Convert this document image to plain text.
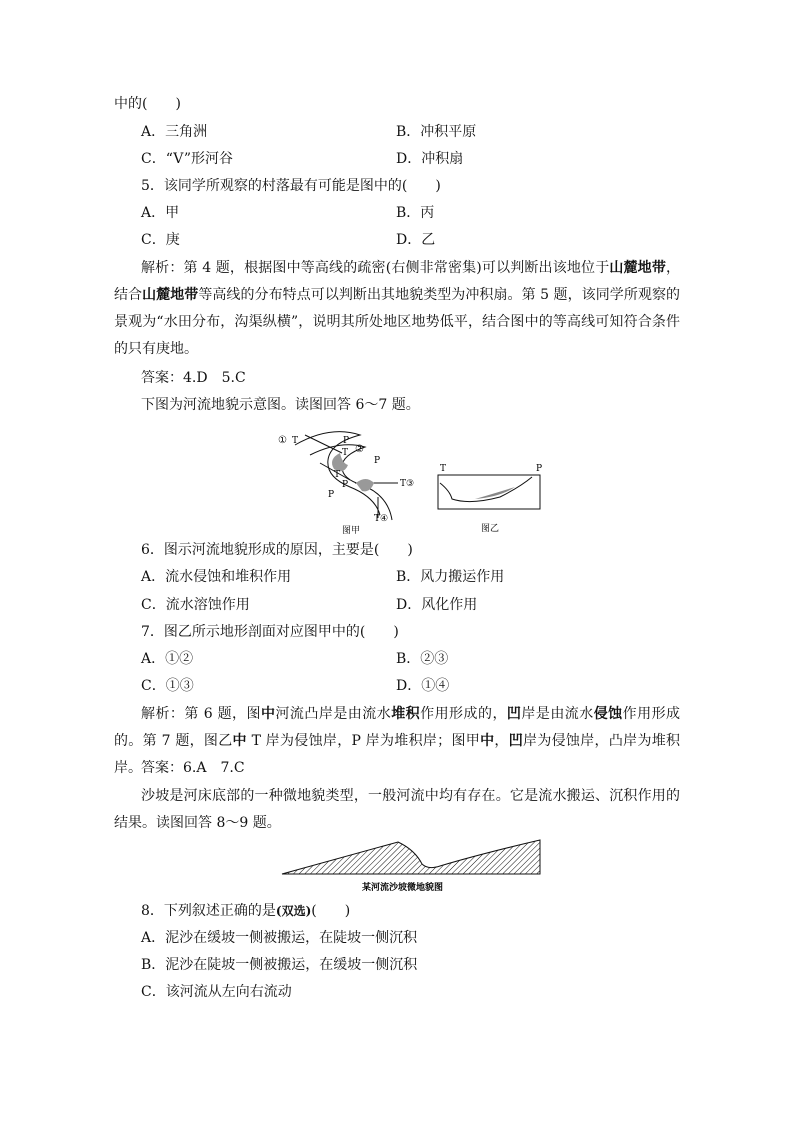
中的(　　)
A．三角洲	B．冲积平原
C．“V”形河谷	D．冲积扇
5．该同学所观察的村落最有可能是图中的(　　)
A．甲	B．丙
C．庚	D．乙
解析：第 4 题，根据图中等高线的疏密(右侧非常密集)可以判断出该地位于山麓地带，结合山麓地带等高线的分布特点可以判断出其地貌类型为冲积扇。第 5 题，该同学所观察的景观为“水田分布，沟渠纵横”，说明其所处地区地势低平，结合图中的等高线可知符合条件的只有庚地。
答案：4.D　5.C
下图为河流地貌示意图。读图回答 6～7 题。
① T	P
②
T
P
T
P	T③
P
T④
图甲
T	P
图乙
6．图示河流地貌形成的原因，主要是(　　)
A．流水侵蚀和堆积作用	B．风力搬运作用
C．流水溶蚀作用	D．风化作用
7．图乙所示地形剖面对应图甲中的(　　)
A．①②	B．②③
C．①③	D．①④
解析：第 6 题，图中河流凸岸是由流水堆积作用形成的，凹岸是由流水侵蚀作用形成的。第 7 题，图乙中 T 岸为侵蚀岸，P 岸为堆积岸；图甲中，凹岸为侵蚀岸，凸岸为堆积岸。 答案：6.A　7.C
沙坡是河床底部的一种微地貌类型，一般河流中均有存在。它是流水搬运、沉积作用的结果。读图回答 8～9 题。
某河流沙坡微地貌图
8．下列叙述正确的是(双选)(　　)
A．泥沙在缓坡一侧被搬运，在陡坡一侧沉积
B．泥沙在陡坡一侧被搬运，在缓坡一侧沉积
C．该河流从左向右流动
